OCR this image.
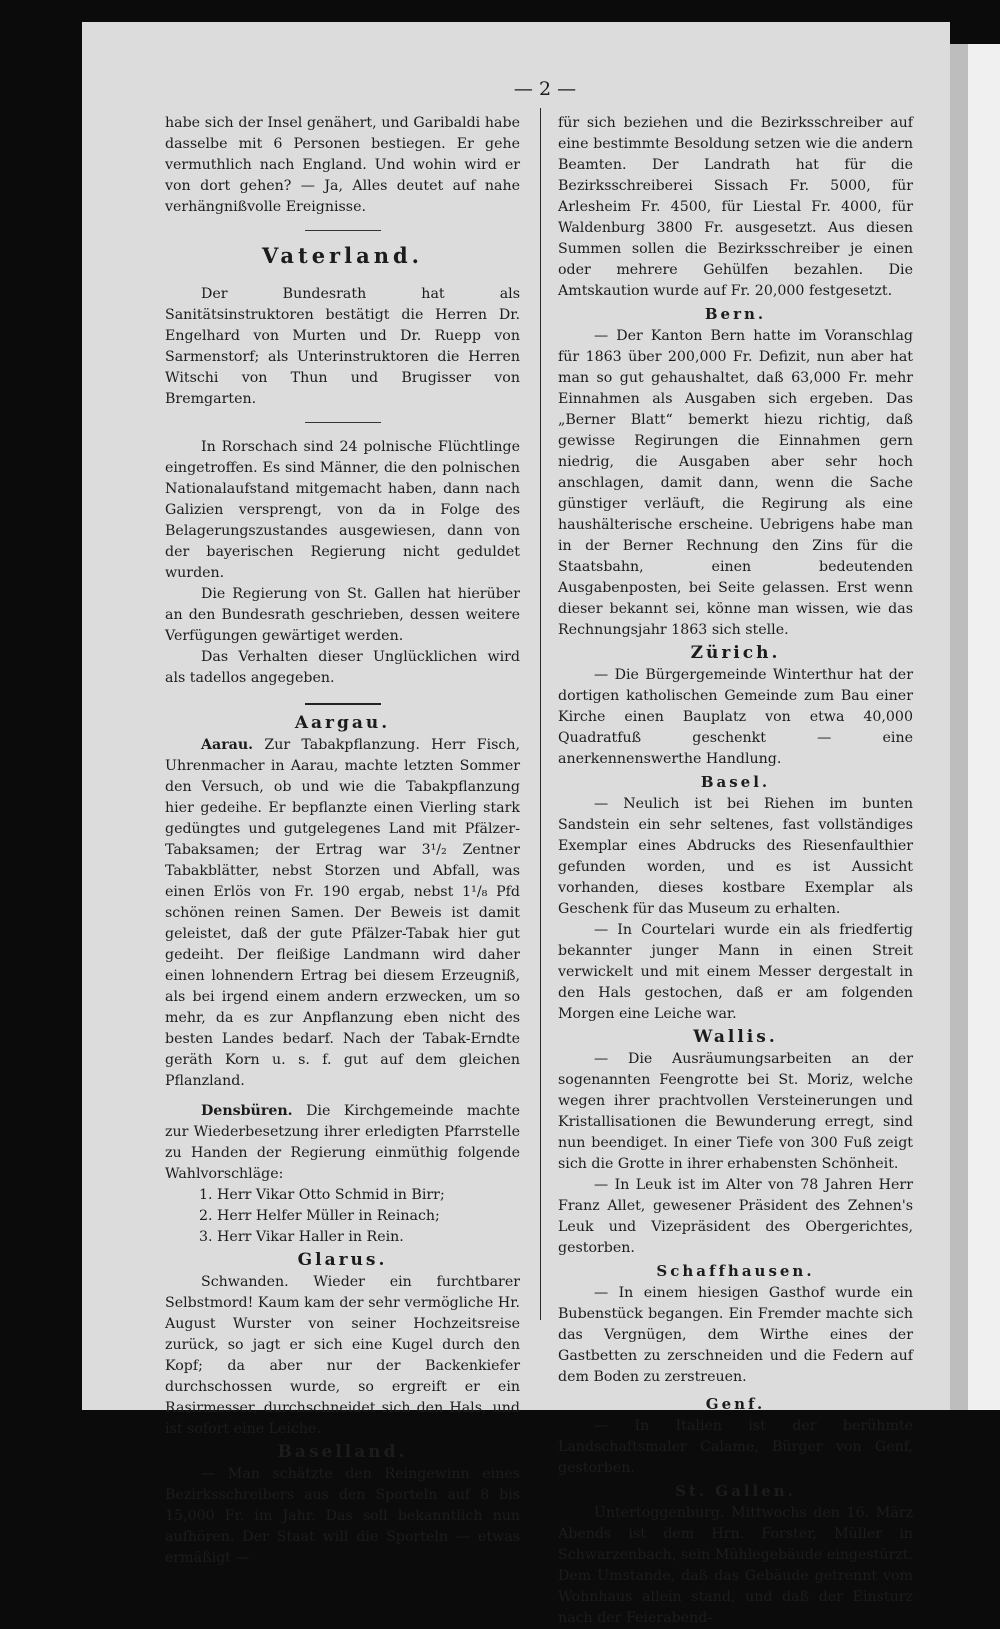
— 2 —

habe sich der Insel genähert, und Garibaldi habe dasselbe mit 6 Personen bestiegen. Er gehe vermuthlich nach England. Und wohin wird er von dort gehen? — Ja, Alles deutet auf nahe verhängnißvolle Ereignisse.

Vaterland.

Der Bundesrath hat als Sanitätsinstruktoren bestätigt die Herren Dr. Engelhard von Murten und Dr. Ruepp von Sarmenstorf; als Unterinstruktoren die Herren Witschi von Thun und Brugisser von Bremgarten.

In Rorschach sind 24 polnische Flüchtlinge eingetroffen. Es sind Männer, die den polnischen Nationalaufstand mitgemacht haben, dann nach Galizien versprengt, von da in Folge des Belagerungszustandes ausgewiesen, dann von der bayerischen Regierung nicht geduldet wurden.

Die Regierung von St. Gallen hat hierüber an den Bundesrath geschrieben, dessen weitere Verfügungen gewärtiget werden.

Das Verhalten dieser Unglücklichen wird als tadellos angegeben.

Aargau.

Aarau. Zur Tabakpflanzung. Herr Fisch, Uhrenmacher in Aarau, machte letzten Sommer den Versuch, ob und wie die Tabakpflanzung hier gedeihe. Er bepflanzte einen Vierling stark gedüngtes und gutgelegenes Land mit Pfälzer-Tabaksamen; der Ertrag war 3¹/₂ Zentner Tabakblätter, nebst Storzen und Abfall, was einen Erlös von Fr. 190 ergab, nebst 1¹/₈ Pfd schönen reinen Samen. Der Beweis ist damit geleistet, daß der gute Pfälzer-Tabak hier gut gedeiht. Der fleißige Landmann wird daher einen lohnendern Ertrag bei diesem Erzeugniß, als bei irgend einem andern erzwecken, um so mehr, da es zur Anpflanzung eben nicht des besten Landes bedarf. Nach der Tabak-Erndte geräth Korn u. s. f. gut auf dem gleichen Pflanzland.

Densbüren. Die Kirchgemeinde machte zur Wiederbesetzung ihrer erledigten Pfarrstelle zu Handen der Regierung einmüthig folgende Wahlvorschläge:

1. Herr Vikar Otto Schmid in Birr;
2. Herr Helfer Müller in Reinach;
3. Herr Vikar Haller in Rein.
Glarus.

Schwanden. Wieder ein furchtbarer Selbstmord! Kaum kam der sehr vermögliche Hr. August Wurster von seiner Hochzeitsreise zurück, so jagt er sich eine Kugel durch den Kopf; da aber nur der Backenkiefer durchschossen wurde, so ergreift er ein Rasirmesser, durchschneidet sich den Hals, und ist sofort eine Leiche.

Baselland.

— Man schätzte den Reingewinn eines Bezirksschreibers aus den Sporteln auf 8 bis 15,000 Fr. im Jahr. Das soll bekanntlich nun aufhören. Der Staat will die Sporteln — etwas ermäßigt —

für sich beziehen und die Bezirksschreiber auf eine bestimmte Besoldung setzen wie die andern Beamten. Der Landrath hat für die Bezirksschreiberei Sissach Fr. 5000, für Arlesheim Fr. 4500, für Liestal Fr. 4000, für Waldenburg 3800 Fr. ausgesetzt. Aus diesen Summen sollen die Bezirksschreiber je einen oder mehrere Gehülfen bezahlen. Die Amtskaution wurde auf Fr. 20,000 festgesetzt.

Bern.

— Der Kanton Bern hatte im Voranschlag für 1863 über 200,000 Fr. Defizit, nun aber hat man so gut gehaushaltet, daß 63,000 Fr. mehr Einnahmen als Ausgaben sich ergeben. Das „Berner Blatt“ bemerkt hiezu richtig, daß gewisse Regirungen die Einnahmen gern niedrig, die Ausgaben aber sehr hoch anschlagen, damit dann, wenn die Sache günstiger verläuft, die Regirung als eine haushälterische erscheine. Uebrigens habe man in der Berner Rechnung den Zins für die Staatsbahn, einen bedeutenden Ausgabenposten, bei Seite gelassen. Erst wenn dieser bekannt sei, könne man wissen, wie das Rechnungsjahr 1863 sich stelle.

Zürich.

— Die Bürgergemeinde Winterthur hat der dortigen katholischen Gemeinde zum Bau einer Kirche einen Bauplatz von etwa 40,000 Quadratfuß geschenkt — eine anerkennenswerthe Handlung.

Basel.

— Neulich ist bei Riehen im bunten Sandstein ein sehr seltenes, fast vollständiges Exemplar eines Abdrucks des Riesenfaulthier gefunden worden, und es ist Aussicht vorhanden, dieses kostbare Exemplar als Geschenk für das Museum zu erhalten.

— In Courtelari wurde ein als friedfertig bekannter junger Mann in einen Streit verwickelt und mit einem Messer dergestalt in den Hals gestochen, daß er am folgenden Morgen eine Leiche war.

Wallis.

— Die Ausräumungsarbeiten an der sogenannten Feengrotte bei St. Moriz, welche wegen ihrer prachtvollen Versteinerungen und Kristallisationen die Bewunderung erregt, sind nun beendiget. In einer Tiefe von 300 Fuß zeigt sich die Grotte in ihrer erhabensten Schönheit.

— In Leuk ist im Alter von 78 Jahren Herr Franz Allet, gewesener Präsident des Zehnen's Leuk und Vizepräsident des Obergerichtes, gestorben.

Schaffhausen.

— In einem hiesigen Gasthof wurde ein Bubenstück begangen. Ein Fremder machte sich das Vergnügen, dem Wirthe eines der Gastbetten zu zerschneiden und die Federn auf dem Boden zu zerstreuen.

Genf.

— In Italien ist der berühmte Landschaftsmaler Calame, Bürger von Genf, gestorben.

St. Gallen.

Untertoggenburg. Mittwochs den 16. März Abends ist dem Hrn. Forster, Müller in Schwarzenbach, sein Mühlegebäude eingestürzt. Dem Umstande, daß das Gebäude getrennt vom Wohnhaus allein stand, und daß der Einsturz nach der Feierabend-
